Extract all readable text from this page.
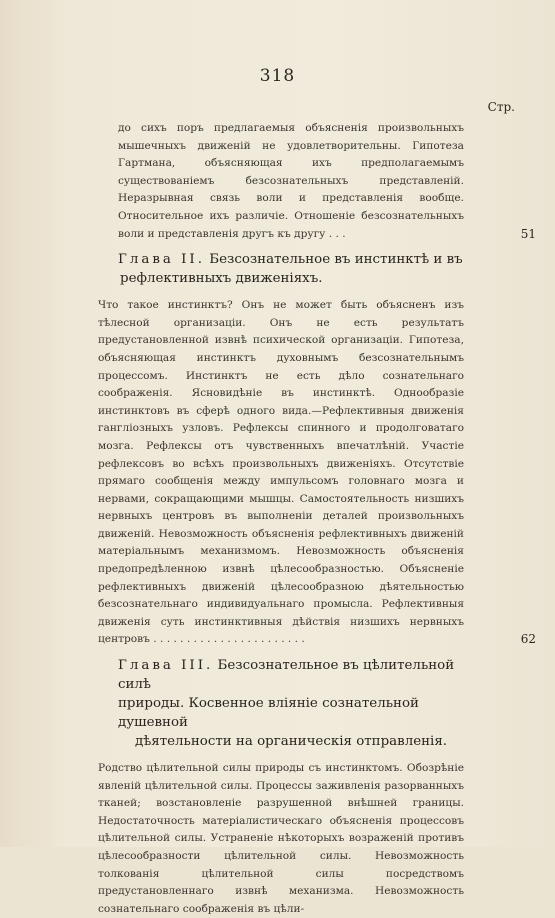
318
Стр.

до сихъ поръ предлагаемыя объясненія произвольныхъ мышечныхъ движеній не удовлетворительны. Гипотеза Гартмана, объясняющая ихъ предполагаемымъ существованіемъ безсознательныхъ представленій. Неразрывная связь воли и представленія вообще. Относительное ихъ различіе. Отношеніе безсознательныхъ воли и представленія другъ къ другу . . .	51
Глава II. Безсознательное въ инстинктѣ и въ
рефлективныхъ движеніяхъ.

Что такое инстинктъ? Онъ не может быть объясненъ изъ тѣлесной организаціи. Онъ не есть результатъ предустановленной извнѣ психической организаціи. Гипотеза, объясняющая инстинктъ духовнымъ безсознательнымъ процессомъ. Инстинктъ не есть дѣло сознательнаго соображенія. Ясновидѣніе въ инстинктѣ. Однообразіе инстинктовъ въ сферѣ одного вида.—Рефлективныя движенія гангліозныхъ узловъ. Рефлексы спинного и продолговатаго мозга. Рефлексы отъ чувственныхъ впечатлѣній. Участіе рефлексовъ во всѣхъ произвольныхъ движеніяхъ. Отсутствіе прямаго сообщенія между импульсомъ головнаго мозга и нервами, сокращающими мышцы. Самостоятельность низшихъ нервныхъ центровъ въ выполненіи деталей произвольныхъ движеній. Невозможность объясненія рефлективныхъ движеній матеріальнымъ механизмомъ. Невозможность объясненія предопредѣленною извнѣ цѣлесообразностью. Объясненіе рефлективныхъ движеній цѣлесообразною дѣятельностью безсознательнаго индивидуальнаго промысла. Рефлективныя движенія суть инстинктивныя дѣйствія низшихъ нервныхъ центровъ . . . . . . . . . . . . . . . . . . . . . . .	62
Глава III. Безсознательное въ цѣлительной силѣ
природы. Косвенное вліяніе сознательной душевной
дѣятельности на органическія отправленія.

Родство цѣлительной силы природы съ инстинктомъ. Обозрѣніе явленій цѣлительной силы. Процессы заживленія разорванныхъ тканей; возстановленіе разрушенной внѣшней границы. Недостаточность матеріалистическаго объясненія процессовъ цѣлительной силы. Устраненіе нѣкоторыхъ возраженій противъ цѣлесообразности цѣлительной силы. Невозможность толкованія цѣлительной силы посредствомъ предустановленнаго извнѣ механизма. Невозможность сознательнаго соображенія въ цѣли-
